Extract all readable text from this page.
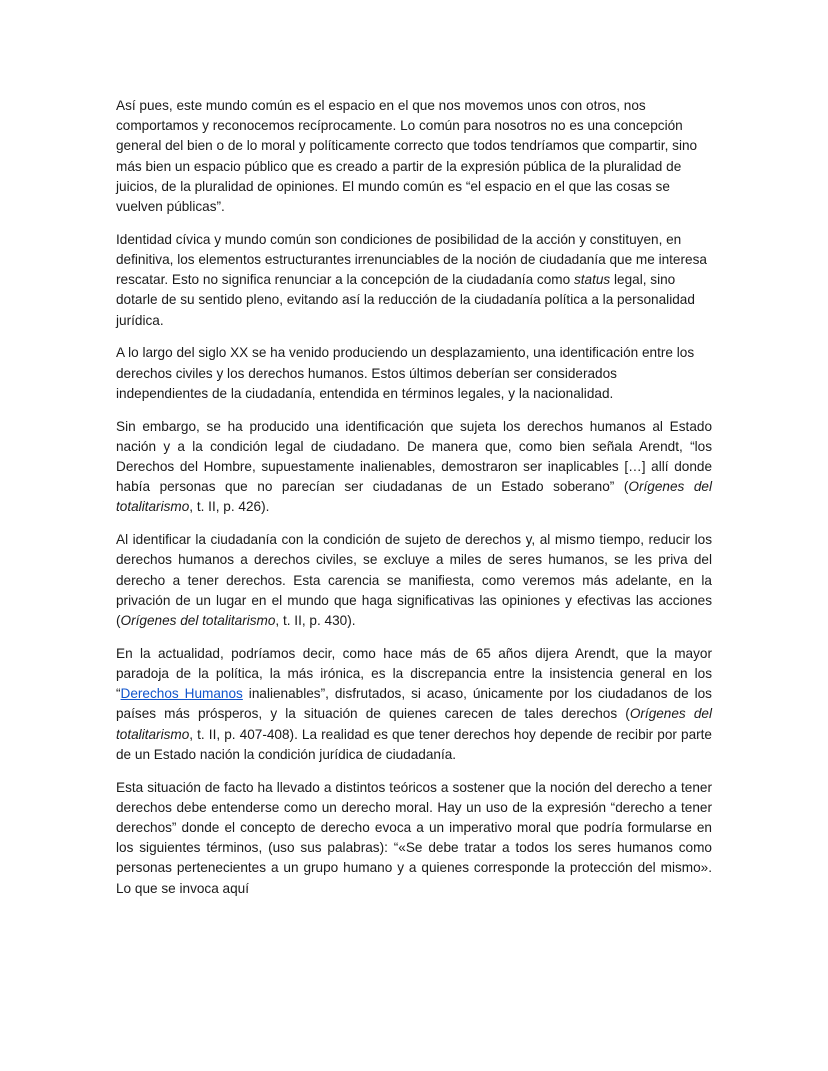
Así pues, este mundo común es el espacio en el que nos movemos unos con otros, nos comportamos y reconocemos recíprocamente. Lo común para nosotros no es una concepción general del bien o de lo moral y políticamente correcto que todos tendríamos que compartir, sino más bien un espacio público que es creado a partir de la expresión pública de la pluralidad de juicios, de la pluralidad de opiniones. El mundo común es “el espacio en el que las cosas se vuelven públicas”.

Identidad cívica y mundo común son condiciones de posibilidad de la acción y constituyen, en definitiva, los elementos estructurantes irrenunciables de la noción de ciudadanía que me interesa rescatar. Esto no significa renunciar a la concepción de la ciudadanía como status legal, sino dotarle de su sentido pleno, evitando así la reducción de la ciudadanía política a la personalidad jurídica.

A lo largo del siglo XX se ha venido produciendo un desplazamiento, una identificación entre los derechos civiles y los derechos humanos. Estos últimos deberían ser considerados independientes de la ciudadanía, entendida en términos legales, y la nacionalidad.

Sin embargo, se ha producido una identificación que sujeta los derechos humanos al Estado nación y a la condición legal de ciudadano. De manera que, como bien señala Arendt, “los Derechos del Hombre, supuestamente inalienables, demostraron ser inaplicables […] allí donde había personas que no parecían ser ciudadanas de un Estado soberano” (Orígenes del totalitarismo, t. II, p. 426).

Al identificar la ciudadanía con la condición de sujeto de derechos y, al mismo tiempo, reducir los derechos humanos a derechos civiles, se excluye a miles de seres humanos, se les priva del derecho a tener derechos. Esta carencia se manifiesta, como veremos más adelante, en la privación de un lugar en el mundo que haga significativas las opiniones y efectivas las acciones (Orígenes del totalitarismo, t. II, p. 430).

En la actualidad, podríamos decir, como hace más de 65 años dijera Arendt, que la mayor paradoja de la política, la más irónica, es la discrepancia entre la insistencia general en los “Derechos Humanos inalienables”, disfrutados, si acaso, únicamente por los ciudadanos de los países más prósperos, y la situación de quienes carecen de tales derechos (Orígenes del totalitarismo, t. II, p. 407-408). La realidad es que tener derechos hoy depende de recibir por parte de un Estado nación la condición jurídica de ciudadanía.

Esta situación de facto ha llevado a distintos teóricos a sostener que la noción del derecho a tener derechos debe entenderse como un derecho moral. Hay un uso de la expresión “derecho a tener derechos” donde el concepto de derecho evoca a un imperativo moral que podría formularse en los siguientes términos, (uso sus palabras): “«Se debe tratar a todos los seres humanos como personas pertenecientes a un grupo humano y a quienes corresponde la protección del mismo». Lo que se invoca aquí
